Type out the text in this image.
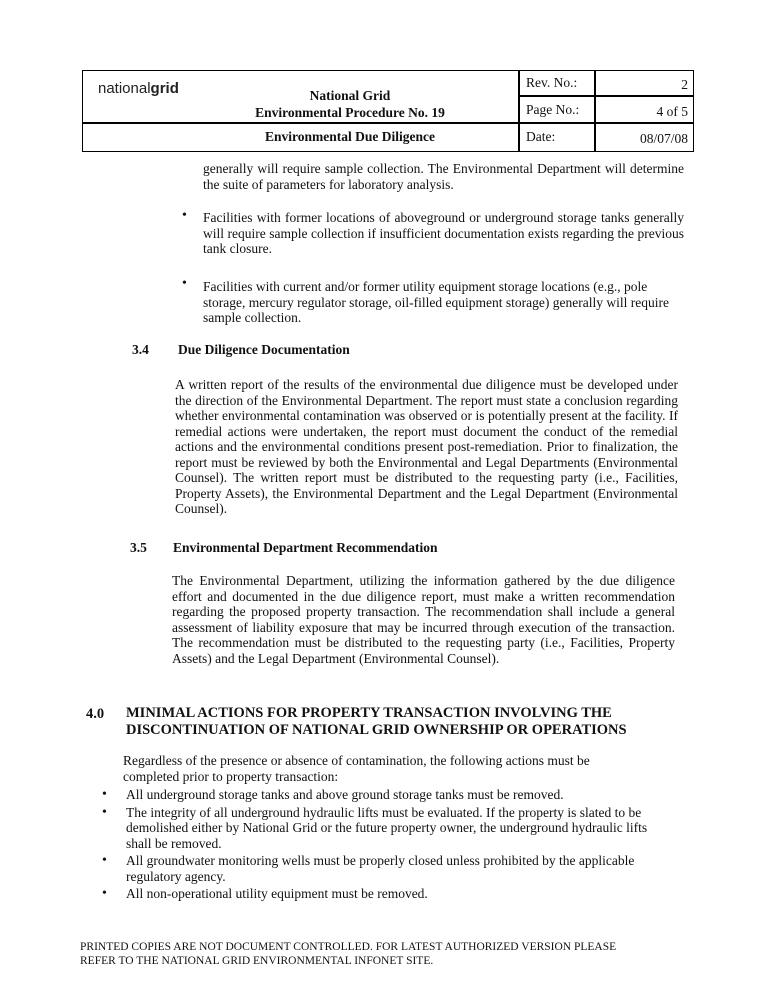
nationalgrid	National Grid
Environmental Procedure No. 19
Environmental Due Diligence
Rev. No.:	2
Page No.:	4 of 5
Date:	08/07/08

generally will require sample collection. The Environmental Department will determine the suite of parameters for laboratory analysis.

• Facilities with former locations of aboveground or underground storage tanks generally will require sample collection if insufficient documentation exists regarding the previous tank closure.

• Facilities with current and/or former utility equipment storage locations (e.g., pole storage, mercury regulator storage, oil-filled equipment storage) generally will require sample collection.

3.4 Due Diligence Documentation

A written report of the results of the environmental due diligence must be developed under the direction of the Environmental Department. The report must state a conclusion regarding whether environmental contamination was observed or is potentially present at the facility. If remedial actions were undertaken, the report must document the conduct of the remedial actions and the environmental conditions present post-remediation. Prior to finalization, the report must be reviewed by both the Environmental and Legal Departments (Environmental Counsel). The written report must be distributed to the requesting party (i.e., Facilities, Property Assets), the Environmental Department and the Legal Department (Environmental Counsel).

3.5 Environmental Department Recommendation

The Environmental Department, utilizing the information gathered by the due diligence effort and documented in the due diligence report, must make a written recommendation regarding the proposed property transaction. The recommendation shall include a general assessment of liability exposure that may be incurred through execution of the transaction. The recommendation must be distributed to the requesting party (i.e., Facilities, Property Assets) and the Legal Department (Environmental Counsel).

4.0 MINIMAL ACTIONS FOR PROPERTY TRANSACTION INVOLVING THE
DISCONTINUATION OF NATIONAL GRID OWNERSHIP OR OPERATIONS

Regardless of the presence or absence of contamination, the following actions must be completed prior to property transaction:

• All underground storage tanks and above ground storage tanks must be removed.
• The integrity of all underground hydraulic lifts must be evaluated. If the property is slated to be demolished either by National Grid or the future property owner, the underground hydraulic lifts shall be removed.
• All groundwater monitoring wells must be properly closed unless prohibited by the applicable regulatory agency.
• All non-operational utility equipment must be removed.
PRINTED COPIES ARE NOT DOCUMENT CONTROLLED. FOR LATEST AUTHORIZED VERSION PLEASE
REFER TO THE NATIONAL GRID ENVIRONMENTAL INFONET SITE.
